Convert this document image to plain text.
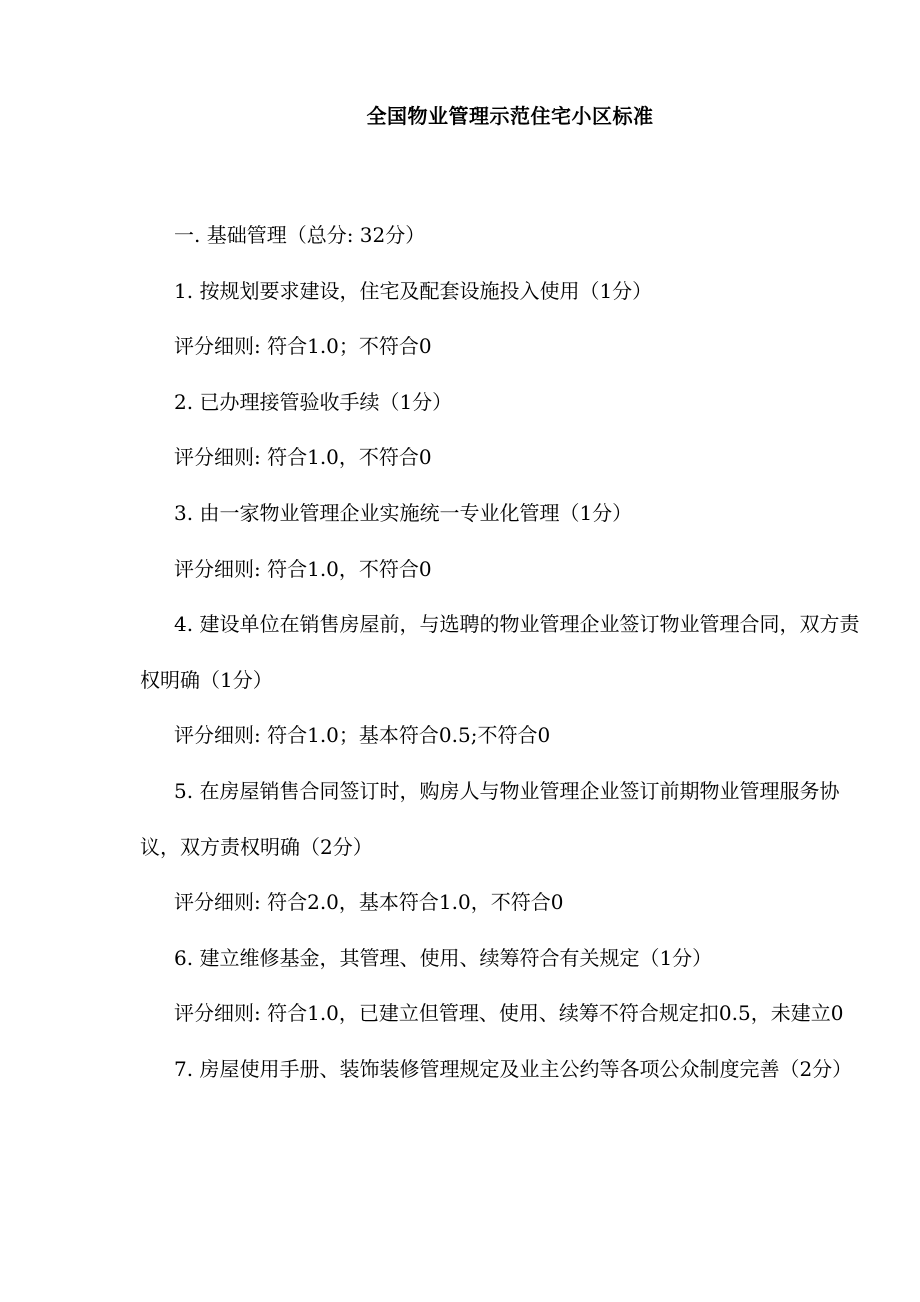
全国物业管理示范住宅小区标准

一. 基础管理（总分: 32分）

1. 按规划要求建设，住宅及配套设施投入使用（1分）

评分细则: 符合1.0；不符合0

2. 已办理接管验收手续（1分）

评分细则: 符合1.0，不符合0

3. 由一家物业管理企业实施统一专业化管理（1分）

评分细则: 符合1.0，不符合0

4. 建设单位在销售房屋前，与选聘的物业管理企业签订物业管理合同，双方责权明确（1分）

评分细则: 符合1.0；基本符合0.5;不符合0

5. 在房屋销售合同签订时，购房人与物业管理企业签订前期物业管理服务协议，双方责权明确（2分）

评分细则: 符合2.0，基本符合1.0，不符合0

6. 建立维修基金，其管理、使用、续筹符合有关规定（1分）

评分细则: 符合1.0，已建立但管理、使用、续筹不符合规定扣0.5，未建立0

7. 房屋使用手册、装饰装修管理规定及业主公约等各项公众制度完善（2分）
